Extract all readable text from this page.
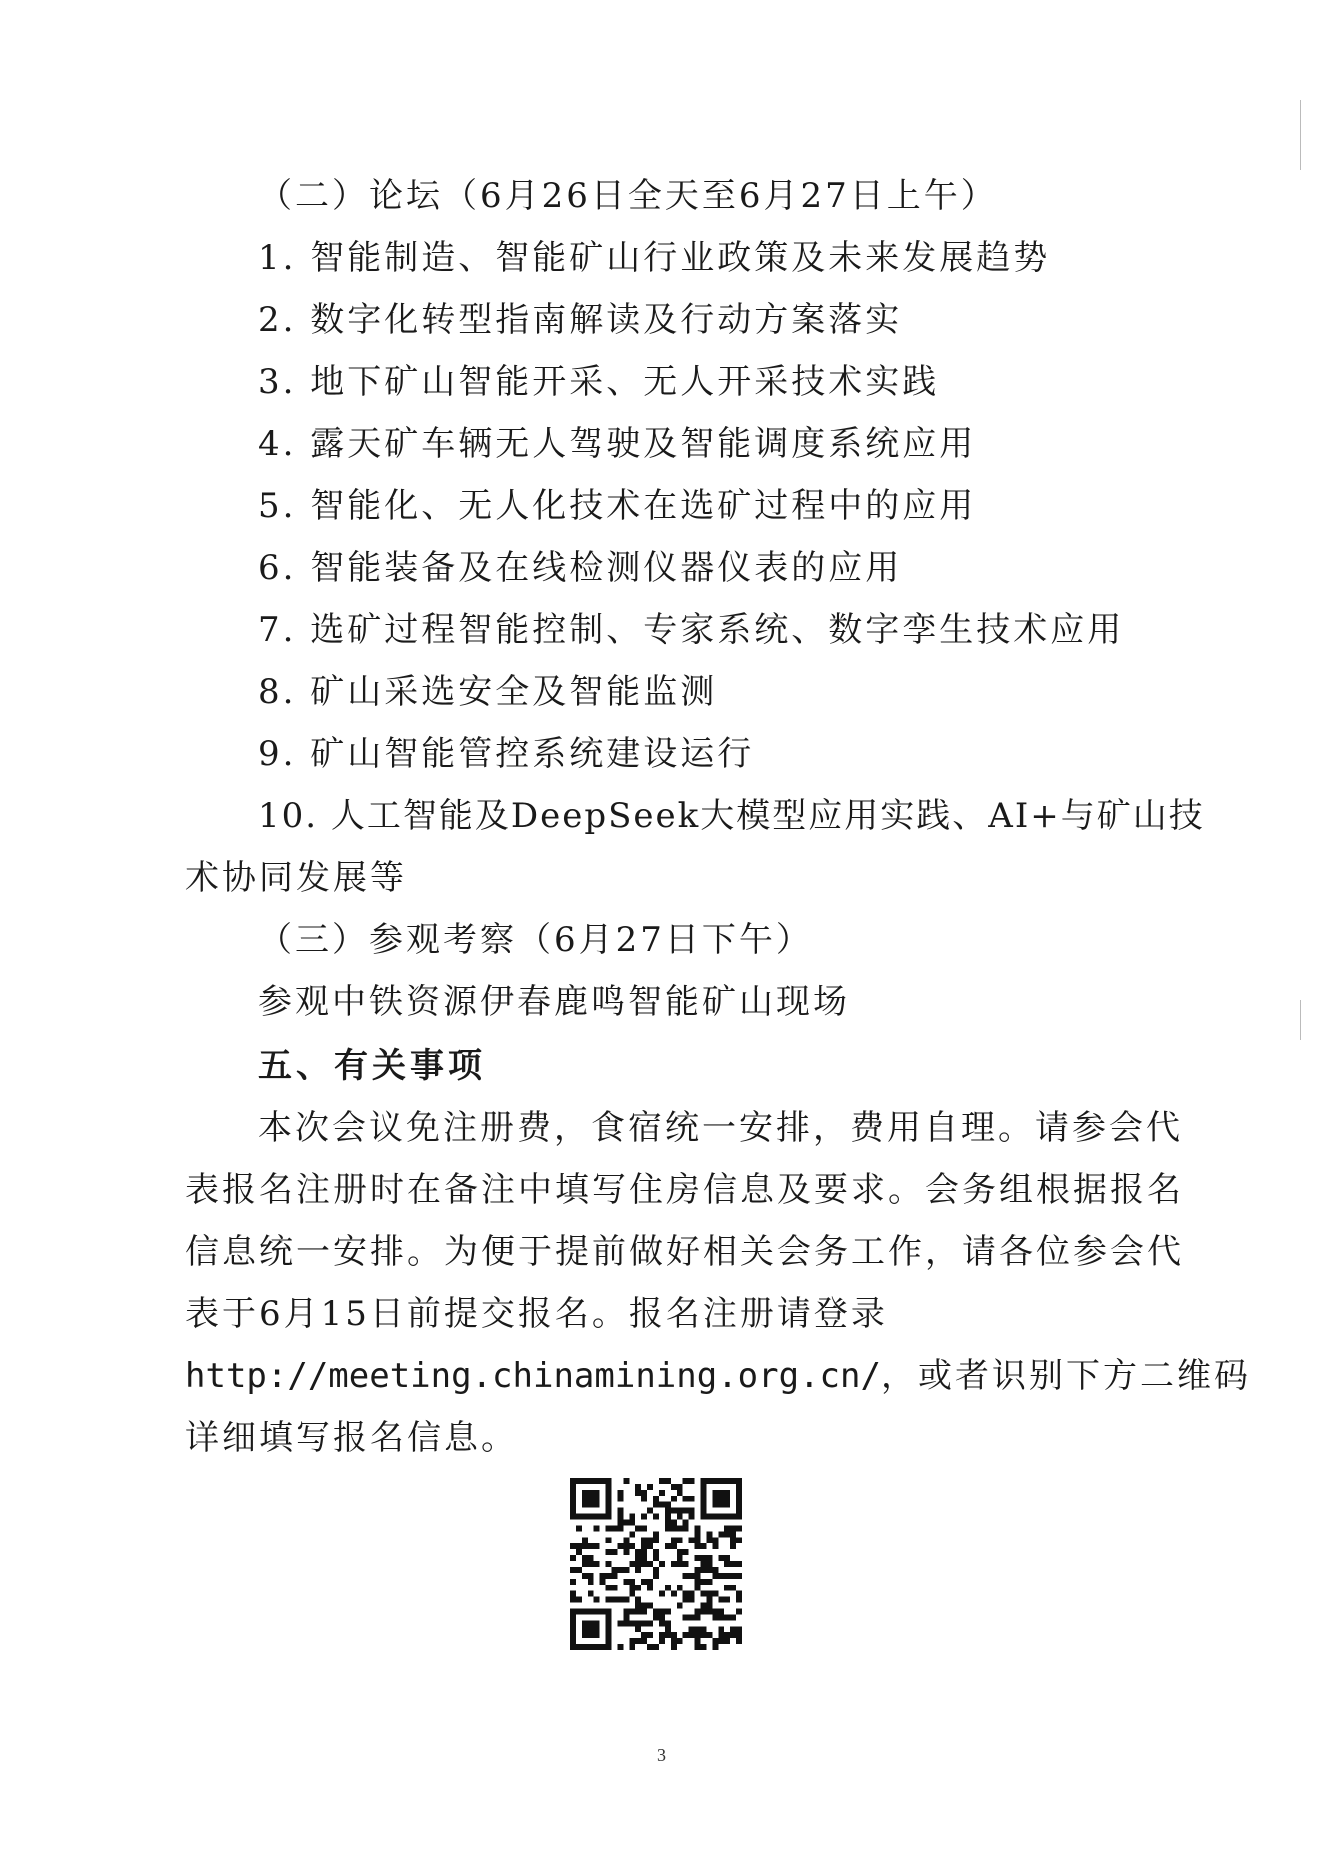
（二）论坛（6月26日全天至6月27日上午）
1. 智能制造、智能矿山行业政策及未来发展趋势
2. 数字化转型指南解读及行动方案落实
3. 地下矿山智能开采、无人开采技术实践
4. 露天矿车辆无人驾驶及智能调度系统应用
5. 智能化、无人化技术在选矿过程中的应用
6. 智能装备及在线检测仪器仪表的应用
7. 选矿过程智能控制、专家系统、数字孪生技术应用
8. 矿山采选安全及智能监测
9. 矿山智能管控系统建设运行
10. 人工智能及DeepSeek大模型应用实践、AI+与矿山技
术协同发展等
（三）参观考察（6月27日下午）
参观中铁资源伊春鹿鸣智能矿山现场
五、有关事项
本次会议免注册费，食宿统一安排，费用自理。请参会代
表报名注册时在备注中填写住房信息及要求。会务组根据报名
信息统一安排。为便于提前做好相关会务工作，请各位参会代
表于6月15日前提交报名。报名注册请登录
http://meeting.chinamining.org.cn/，或者识别下方二维码
详细填写报名信息。
3
